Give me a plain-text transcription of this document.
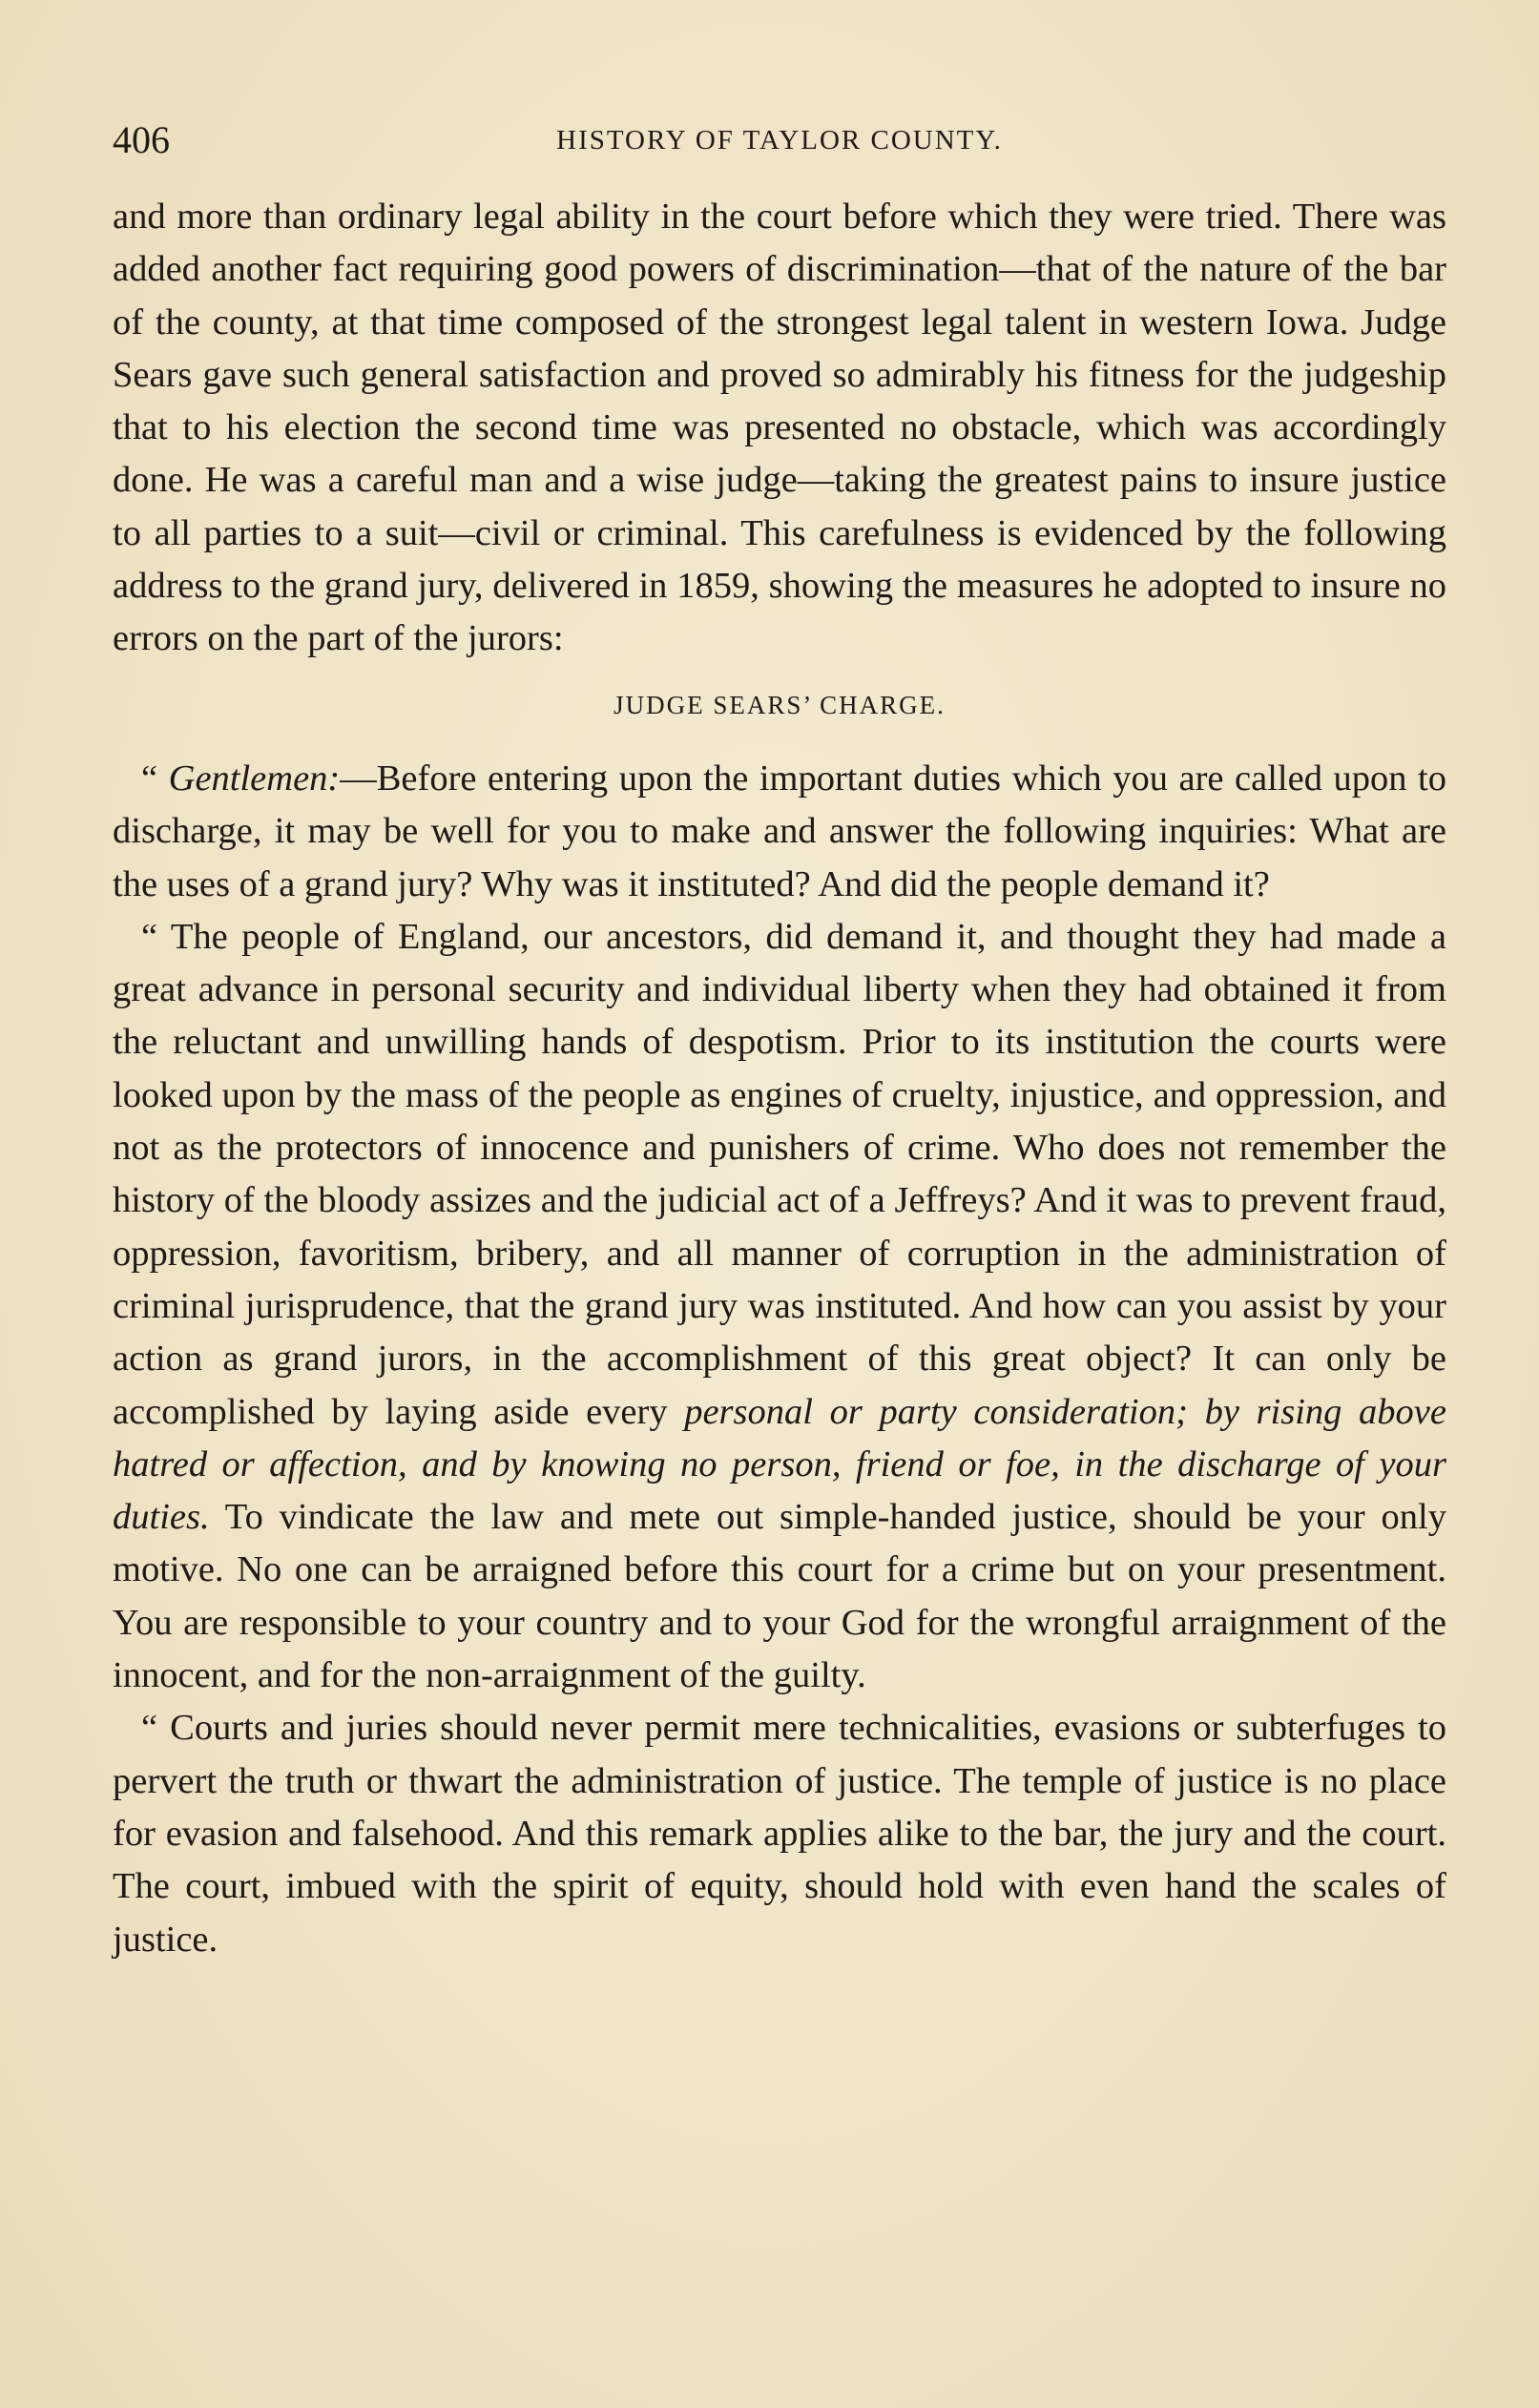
406	HISTORY OF TAYLOR COUNTY.

and more than ordinary legal ability in the court before which they were tried. There was added another fact requiring good powers of discrimination—that of the nature of the bar of the county, at that time composed of the strongest legal talent in western Iowa. Judge Sears gave such general satisfaction and proved so admirably his fitness for the judgeship that to his election the second time was presented no obstacle, which was accordingly done. He was a careful man and a wise judge—taking the greatest pains to insure justice to all parties to a suit—civil or criminal. This carefulness is evidenced by the following address to the grand jury, delivered in 1859, showing the measures he adopted to insure no errors on the part of the jurors:

JUDGE SEARS’ CHARGE.

“ Gentlemen:—Before entering upon the important duties which you are called upon to discharge, it may be well for you to make and answer the following inquiries: What are the uses of a grand jury? Why was it instituted? And did the people demand it?

“ The people of England, our ancestors, did demand it, and thought they had made a great advance in personal security and individual liberty when they had obtained it from the reluctant and unwilling hands of despotism. Prior to its institution the courts were looked upon by the mass of the people as engines of cruelty, injustice, and oppression, and not as the protectors of innocence and punishers of crime. Who does not remember the history of the bloody assizes and the judicial act of a Jeffreys? And it was to prevent fraud, oppression, favoritism, bribery, and all manner of corruption in the administration of criminal jurisprudence, that the grand jury was instituted. And how can you assist by your action as grand jurors, in the accomplishment of this great object? It can only be accomplished by laying aside every personal or party consideration; by rising above hatred or affection, and by knowing no person, friend or foe, in the discharge of your duties. To vindicate the law and mete out simple-handed justice, should be your only motive. No one can be arraigned before this court for a crime but on your presentment. You are responsible to your country and to your God for the wrongful arraignment of the innocent, and for the non-arraignment of the guilty.

“ Courts and juries should never permit mere technicalities, evasions or subterfuges to pervert the truth or thwart the administration of justice. The temple of justice is no place for evasion and falsehood. And this remark applies alike to the bar, the jury and the court. The court, imbued with the spirit of equity, should hold with even hand the scales of justice.
